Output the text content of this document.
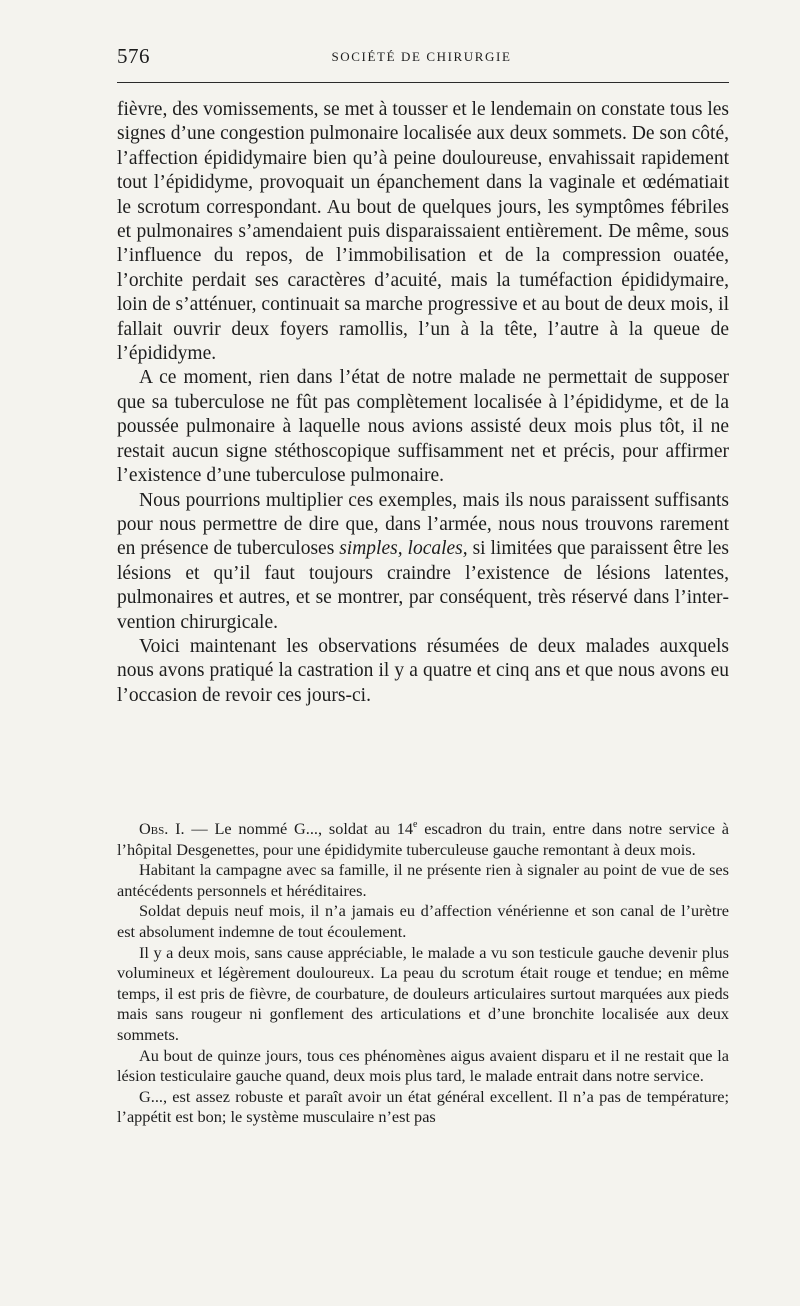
576	SOCIÉTÉ DE CHIRURGIE

fièvre, des vomissements, se met à tousser et le lendemain on constate tous les signes d’une congestion pulmonaire localisée aux deux sommets. De son côté, l’affection épididymaire bien qu’à peine douloureuse, envahissait rapidement tout l’épididyme, provoquait un épanchement dans la vaginale et œdématiait le scrotum correspondant. Au bout de quelques jours, les symptômes fébriles et pulmonaires s’amendaient puis disparaissaient entièrement. De même, sous l’influence du repos, de l’immobilisation et de la compression ouatée, l’orchite perdait ses caractères d’acuité, mais la tuméfaction épididymaire, loin de s’atténuer, continuait sa marche progressive et au bout de deux mois, il fallait ouvrir deux foyers ramollis, l’un à la tête, l’autre à la queue de l’épididyme.

A ce moment, rien dans l’état de notre malade ne permettait de supposer que sa tuberculose ne fût pas complètement localisée à l’épididyme, et de la poussée pulmonaire à laquelle nous avions assisté deux mois plus tôt, il ne restait aucun signe stéthoscopique suffisamment net et précis, pour affirmer l’existence d’une tuberculose pulmonaire.

Nous pourrions multiplier ces exemples, mais ils nous paraissent suffisants pour nous permettre de dire que, dans l’armée, nous nous trouvons rarement en présence de tuberculoses simples, locales, si limitées que paraissent être les lésions et qu’il faut toujours craindre l’existence de lésions latentes, pulmonaires et autres, et se montrer, par conséquent, très réservé dans l’intervention chirurgicale.

Voici maintenant les observations résumées de deux malades auxquels nous avons pratiqué la castration il y a quatre et cinq ans et que nous avons eu l’occasion de revoir ces jours-ci.

Obs. I. — Le nommé G..., soldat au 14e escadron du train, entre dans notre service à l’hôpital Desgenettes, pour une épididymite tuberculeuse gauche remontant à deux mois.

Habitant la campagne avec sa famille, il ne présente rien à signaler au point de vue de ses antécédents personnels et héréditaires.

Soldat depuis neuf mois, il n’a jamais eu d’affection vénérienne et son canal de l’urètre est absolument indemne de tout écoulement.

Il y a deux mois, sans cause appréciable, le malade a vu son testicule gauche devenir plus volumineux et légèrement douloureux. La peau du scrotum était rouge et tendue; en même temps, il est pris de fièvre, de courbature, de douleurs articulaires surtout marquées aux pieds mais sans rougeur ni gonflement des articulations et d’une bronchite localisée aux deux sommets.

Au bout de quinze jours, tous ces phénomènes aigus avaient disparu et il ne restait que la lésion testiculaire gauche quand, deux mois plus tard, le malade entrait dans notre service.

G..., est assez robuste et paraît avoir un état général excellent. Il n’a pas de température; l’appétit est bon; le système musculaire n’est pas
